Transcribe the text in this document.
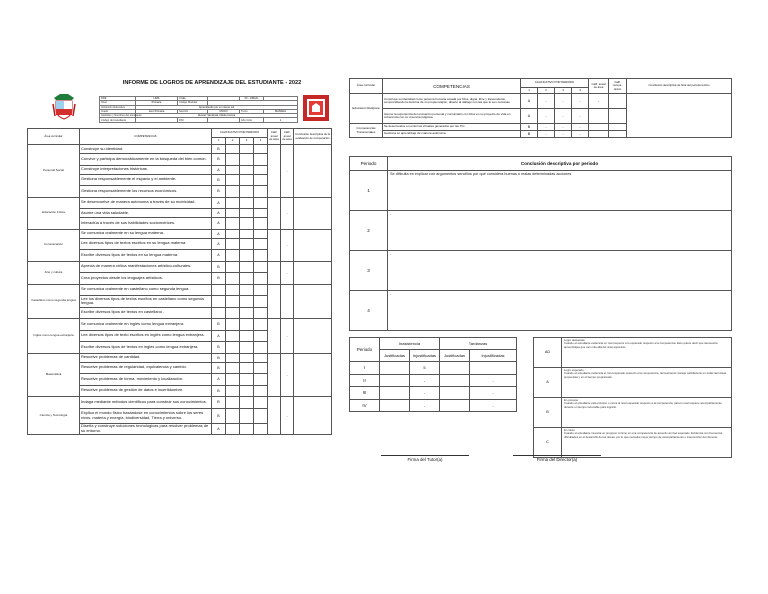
INFORME DE LOGROS DE APRENDIZAJE DEL ESTUDIANTE - 2022
DRE	LIMA	UGEL		03 - LIMA/C	
Nivel	Primaria	Código Modular			
Institución Educativa	Aprendiendo por un mismo sol				
Grado	1ero Primaria	Sección	UNICO	Turno	MAÑANA
Apellidos y Nombres del estudiante	Alvarez Sandoval, Nicole Ivanna				
Código del estudiante		DNI		Año Ciclo	1
Área curricular	COMPETENCIAS	CALIFICATIVO POR PERIODO				Calif. anual de área	Calif. anual de área	Conclusión descriptiva de la evaluación de recuperación
		1	2	3	4			
Personal Social	Construye su identidad.	B					-	
	Convive y participa democráticamente en la búsqueda del bien común.	B						
	Construye interpretaciones históricas.	A						
	Gestiona responsablemente el espacio y el ambiente.	B						
	Gestiona responsablemente los recursos económicos.	B						
Educación Física	Se desenvuelve de manera autónoma a través de su motricidad.	A					-	
	Asume una vida saludable.	A						
	Interactúa a través de sus habilidades sociomotrices.	A						
Comunicación	Se comunica oralmente en su lengua materna.	A					-	
	Lee diversos tipos de textos escritos en su lengua materna.	A						
	Escribe diversos tipos de textos en su lengua materna.	A						
Arte y cultura	Aprecia de manera crítica manifestaciones artístico-culturales.	B					-	
	Crea proyectos desde los lenguajes artísticos.	B						
Castellano como segunda lengua	Se comunica oralmente en castellano como segunda lengua.							
	Lee los diversos tipos de textos escritos en castellano como segunda lengua.							
	Escribe diversos tipos de textos en castellano .							
Inglés como lengua extranjera	Se comunica oralmente en inglés como lengua extranjera.	B					-	
	Lee diversos tipos de texto escritos en inglés como lengua extranjera.	A						
	Escribe diversos tipos de textos en inglés como lengua extranjera.	B						
Matemática	Resuelve problemas de cantidad.	B					-	
	Resuelve problemas de regularidad, equivalencia y cambio.	B						
	Resuelve problemas de forma, movimiento y localización.	A						
	Resuelve problemas de gestión de datos e incertidumbre.	B						
Ciencia y Tecnología	Indaga mediante métodos científicos para construir sus conocimientos.	B					-	
	Explica el mundo físico basándose en conocimientos sobre los seres vivos, materia y energía, biodiversidad, Tierra y universo.	B						
	Diseña y construye soluciones tecnológicas para resolver problemas de su entorno.	A						
Área curricular	COMPETENCIAS	CALIFICATIVO POR PERIODO				Calif. anual de área	Calif. recupe-ración	Conclusión descriptiva de final del periodo lectivo
		1	2	3	4			
Educación Religiosa	Construye su identidad como persona humana amada por Dios, digna, libre y trascendente, comprendiendo la doctrina de su propia religión, abierto al diálogo con las que le son cercanas.	A	-	-	-	-		
	Asume la experiencia del encuentro personal y comunitario con Dios en su proyecto de vida en coherencia con su creencia religiosa.	A	-	-	-			
Competencias Transversales	Se desenvuelve en entornos virtuales generados por las TIC.	B	-	-	-			
	Gestiona su aprendizaje de manera autónoma.	B	-	-	-			
Periodo	Conclusión descriptiva por periodo
1	Se dificulta en explicar con argumentos sencillos por qué considera buenas o malas determinadas acciones
2	-
3	-
4	-
Periodo	Inasistencia		Tardanzas	
	Justificadas	Injustificadas	Justificadas	Injustificadas
I		5		
II		-		-
III		-		-
IV		-		-
AD	Logro destacado
Cuando el estudiante evidencia un nivel superior a lo esperado respecto a la competencia. Esto quiere decir que demuestra aprendizajes que van más allá del nivel esperado.

A	Logro esperado
Cuando el estudiante evidencia el nivel esperado respecto a la competencia, demostrando manejo satisfactorio en todas las tareas propuestas y en el tiempo programado.

B	En proceso
Cuando el estudiante está próximo o cerca al nivel esperado respecto a la competencia, para lo cual requiere acompañamiento durante un tiempo razonable para lograrlo.

C	En inicio
Cuando el estudiante muestra un progreso mínimo en una competencia de acuerdo al nivel esperado. Evidencia con frecuencia dificultades en el desarrollo de las tareas, por lo que necesita mayor tiempo de acompañamiento e intervención del docente.
Firma del Tutor(a)	Firma del Director(a)
